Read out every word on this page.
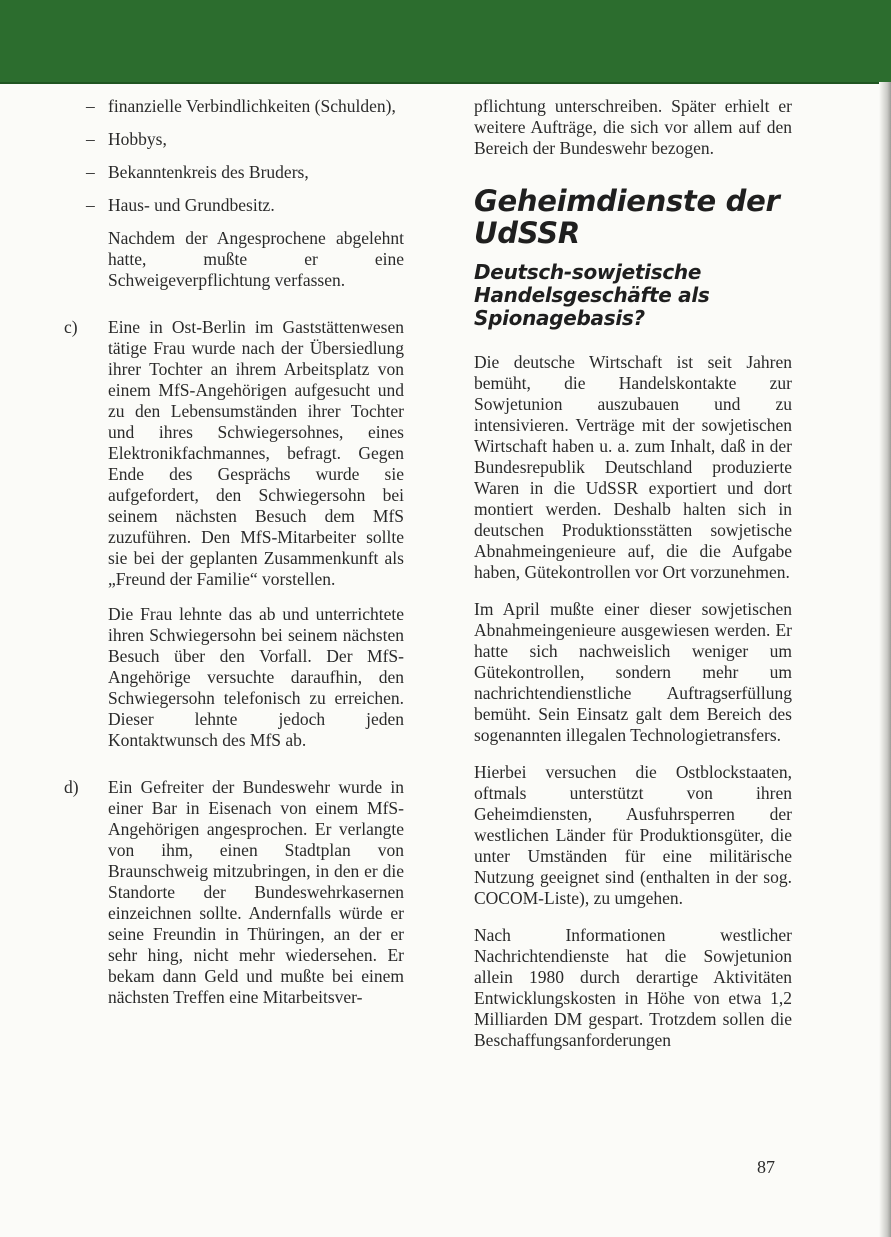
– finanzielle Verbindlichkeiten (Schulden),
– Hobbys,
– Bekanntenkreis des Bruders,
– Haus- und Grundbesitz.

Nachdem der Angesprochene abgelehnt hatte, mußte er eine Schweigeverpflichtung verfassen.

c) Eine in Ost-Berlin im Gaststättenwesen tätige Frau wurde nach der Übersiedlung ihrer Tochter an ihrem Arbeitsplatz von einem MfS-Angehörigen aufgesucht und zu den Lebensumständen ihrer Tochter und ihres Schwiegersohnes, eines Elektronikfachmannes, befragt. Gegen Ende des Gesprächs wurde sie aufgefordert, den Schwiegersohn bei seinem nächsten Besuch dem MfS zuzuführen. Den MfS-Mitarbeiter sollte sie bei der geplanten Zusammenkunft als „Freund der Familie“ vorstellen.

Die Frau lehnte das ab und unterrichtete ihren Schwiegersohn bei seinem nächsten Besuch über den Vorfall. Der MfS-Angehörige versuchte daraufhin, den Schwiegersohn telefonisch zu erreichen. Dieser lehnte jedoch jeden Kontaktwunsch des MfS ab.

d) Ein Gefreiter der Bundeswehr wurde in einer Bar in Eisenach von einem MfS-Angehörigen angesprochen. Er verlangte von ihm, einen Stadtplan von Braunschweig mitzubringen, in den er die Standorte der Bundeswehrkasernen einzeichnen sollte. Andernfalls würde er seine Freundin in Thüringen, an der er sehr hing, nicht mehr wiedersehen. Er bekam dann Geld und mußte bei einem nächsten Treffen eine Mitarbeitsver-

pflichtung unterschreiben. Später erhielt er weitere Aufträge, die sich vor allem auf den Bereich der Bundeswehr bezogen.

Geheimdienste der UdSSR
Deutsch-sowjetische Handelsgeschäfte als Spionagebasis?

Die deutsche Wirtschaft ist seit Jahren bemüht, die Handelskontakte zur Sowjetunion auszubauen und zu intensivieren. Verträge mit der sowjetischen Wirtschaft haben u. a. zum Inhalt, daß in der Bundesrepublik Deutschland produzierte Waren in die UdSSR exportiert und dort montiert werden. Deshalb halten sich in deutschen Produktionsstätten sowjetische Abnahmeingenieure auf, die die Aufgabe haben, Gütekontrollen vor Ort vorzunehmen.

Im April mußte einer dieser sowjetischen Abnahmeingenieure ausgewiesen werden. Er hatte sich nachweislich weniger um Gütekontrollen, sondern mehr um nachrichtendienstliche Auftragserfüllung bemüht. Sein Einsatz galt dem Bereich des sogenannten illegalen Technologietransfers.

Hierbei versuchen die Ostblockstaaten, oftmals unterstützt von ihren Geheimdiensten, Ausfuhrsperren der westlichen Länder für Produktionsgüter, die unter Umständen für eine militärische Nutzung geeignet sind (enthalten in der sog. COCOM-Liste), zu umgehen.

Nach Informationen westlicher Nachrichtendienste hat die Sowjetunion allein 1980 durch derartige Aktivitäten Entwicklungskosten in Höhe von etwa 1,2 Milliarden DM gespart. Trotzdem sollen die Beschaffungsanforderungen

87
